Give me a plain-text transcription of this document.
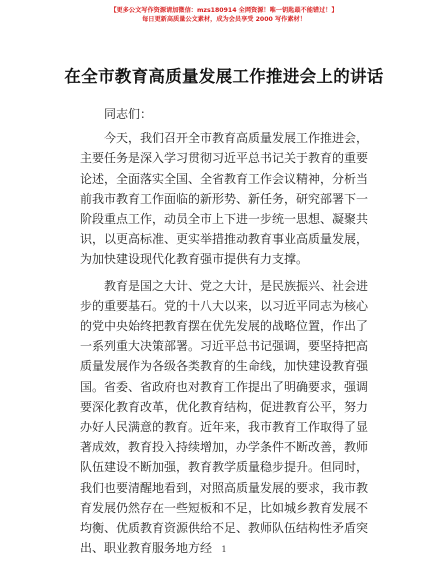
【更多公文写作资源请加微信：mzs180914 全网资源！唯一钥匙最不能错过！】
每日更新高质量公文素材，成为会员享受 2000 写作素材！
在全市教育高质量发展工作推进会上的讲话

同志们：

今天，我们召开全市教育高质量发展工作推进会，主要任务是深入学习贯彻习近平总书记关于教育的重要论述，全面落实全国、全省教育工作会议精神，分析当前我市教育工作面临的新形势、新任务，研究部署下一阶段重点工作，动员全市上下进一步统一思想、凝聚共识，以更高标准、更实举措推动教育事业高质量发展，为加快建设现代化教育强市提供有力支撑。

教育是国之大计、党之大计，是民族振兴、社会进步的重要基石。党的十八大以来，以习近平同志为核心的党中央始终把教育摆在优先发展的战略位置，作出了一系列重大决策部署。习近平总书记强调，要坚持把高质量发展作为各级各类教育的生命线，加快建设教育强国。省委、省政府也对教育工作提出了明确要求，强调要深化教育改革，优化教育结构，促进教育公平，努力办好人民满意的教育。近年来，我市教育工作取得了显著成效，教育投入持续增加，办学条件不断改善，教师队伍建设不断加强，教育教学质量稳步提升。但同时，我们也要清醒地看到，对照高质量发展的要求，我市教育发展仍然存在一些短板和不足，比如城乡教育发展不均衡、优质教育资源供给不足、教师队伍结构性矛盾突出、职业教育服务地方经	1
